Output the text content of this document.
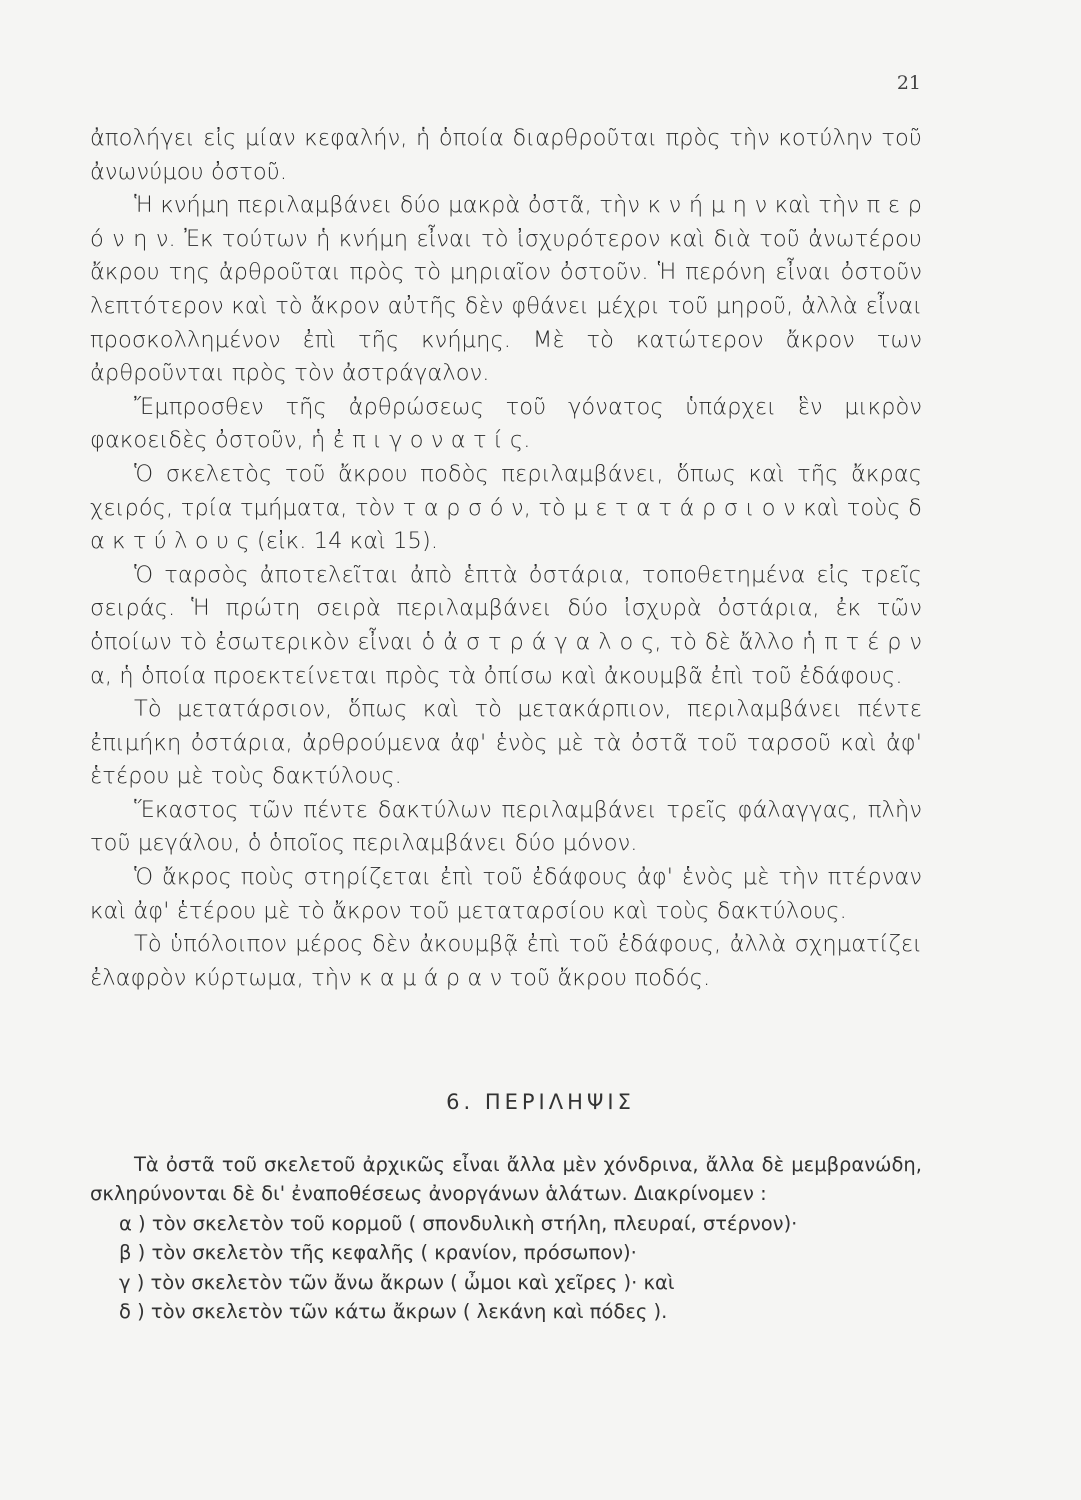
21

ἀπολήγει εἰς μίαν κεφαλήν, ἡ ὁποία διαρθροῦται πρὸς τὴν κοτύλην τοῦ ἀνωνύμου ὀστοῦ.

Ἡ κνήμη περιλαμβάνει δύο μακρὰ ὀστᾶ, τὴν κ ν ή μ η ν καὶ τὴν π ε ρ ό ν η ν. Ἐκ τούτων ἡ κνήμη εἶναι τὸ ἰσχυρότερον καὶ διὰ τοῦ ἀνωτέρου ἄκρου της ἀρθροῦται πρὸς τὸ μηριαῖον ὀστοῦν. Ἡ περόνη εἶναι ὀστοῦν λεπτότερον καὶ τὸ ἄκρον αὐτῆς δὲν φθάνει μέχρι τοῦ μηροῦ, ἀλλὰ εἶναι προσκολλημένον ἐπὶ τῆς κνήμης. Μὲ τὸ κατώτερον ἄκρον των ἀρθροῦνται πρὸς τὸν ἀστράγαλον.

Ἔμπροσθεν τῆς ἀρθρώσεως τοῦ γόνατος ὑπάρχει ἓν μικρὸν φακοειδὲς ὀστοῦν, ἡ ἐ π ι γ ο ν α τ ί ς.

Ὁ σκελετὸς τοῦ ἄκρου ποδὸς περιλαμβάνει, ὅπως καὶ τῆς ἄκρας χειρός, τρία τμήματα, τὸν τ α ρ σ ό ν, τὸ μ ε τ α τ ά ρ σ ι ο ν καὶ τοὺς δ α κ τ ύ λ ο υ ς (εἰκ. 14 καὶ 15).

Ὁ ταρσὸς ἀποτελεῖται ἀπὸ ἑπτὰ ὀστάρια, τοποθετημένα εἰς τρεῖς σειράς. Ἡ πρώτη σειρὰ περιλαμβάνει δύο ἰσχυρὰ ὀστάρια, ἐκ τῶν ὁποίων τὸ ἐσωτερικὸν εἶναι ὁ ἀ σ τ ρ ά γ α λ ο ς, τὸ δὲ ἄλλο ἡ π τ έ ρ ν α, ἡ ὁποία προεκτείνεται πρὸς τὰ ὀπίσω καὶ ἀκουμβᾶ ἐπὶ τοῦ ἐδάφους.

Τὸ μετατάρσιον, ὅπως καὶ τὸ μετακάρπιον, περιλαμβάνει πέντε ἐπιμήκη ὀστάρια, ἀρθρούμενα ἀφ' ἑνὸς μὲ τὰ ὀστᾶ τοῦ ταρσοῦ καὶ ἀφ' ἑτέρου μὲ τοὺς δακτύλους.

Ἕκαστος τῶν πέντε δακτύλων περιλαμβάνει τρεῖς φάλαγγας, πλὴν τοῦ μεγάλου, ὁ ὁποῖος περιλαμβάνει δύο μόνον.

Ὁ ἄκρος ποὺς στηρίζεται ἐπὶ τοῦ ἐδάφους ἀφ' ἑνὸς μὲ τὴν πτέρναν καὶ ἀφ' ἑτέρου μὲ τὸ ἄκρον τοῦ μεταταρσίου καὶ τοὺς δακτύλους.

Τὸ ὑπόλοιπον μέρος δὲν ἀκουμβᾷ ἐπὶ τοῦ ἐδάφους, ἀλλὰ σχηματίζει ἐλαφρὸν κύρτωμα, τὴν κ α μ ά ρ α ν τοῦ ἄκρου ποδός.

6. ΠΕΡΙΛΗΨΙΣ

Τὰ ὀστᾶ τοῦ σκελετοῦ ἀρχικῶς εἶναι ἄλλα μὲν χόνδρινα, ἄλλα δὲ μεμβρανώδη, σκληρύνονται δὲ δι' ἐναποθέσεως ἀνοργάνων ἁλάτων. Διακρίνομεν :

α ) τὸν σκελετὸν τοῦ κορμοῦ ( σπονδυλικὴ στήλη, πλευραί, στέρνον)·
β ) τὸν σκελετὸν τῆς κεφαλῆς ( κρανίον, πρόσωπον)·
γ ) τὸν σκελετὸν τῶν ἄνω ἄκρων ( ὦμοι καὶ χεῖρες )· καὶ
δ ) τὸν σκελετὸν τῶν κάτω ἄκρων ( λεκάνη καὶ πόδες ).
